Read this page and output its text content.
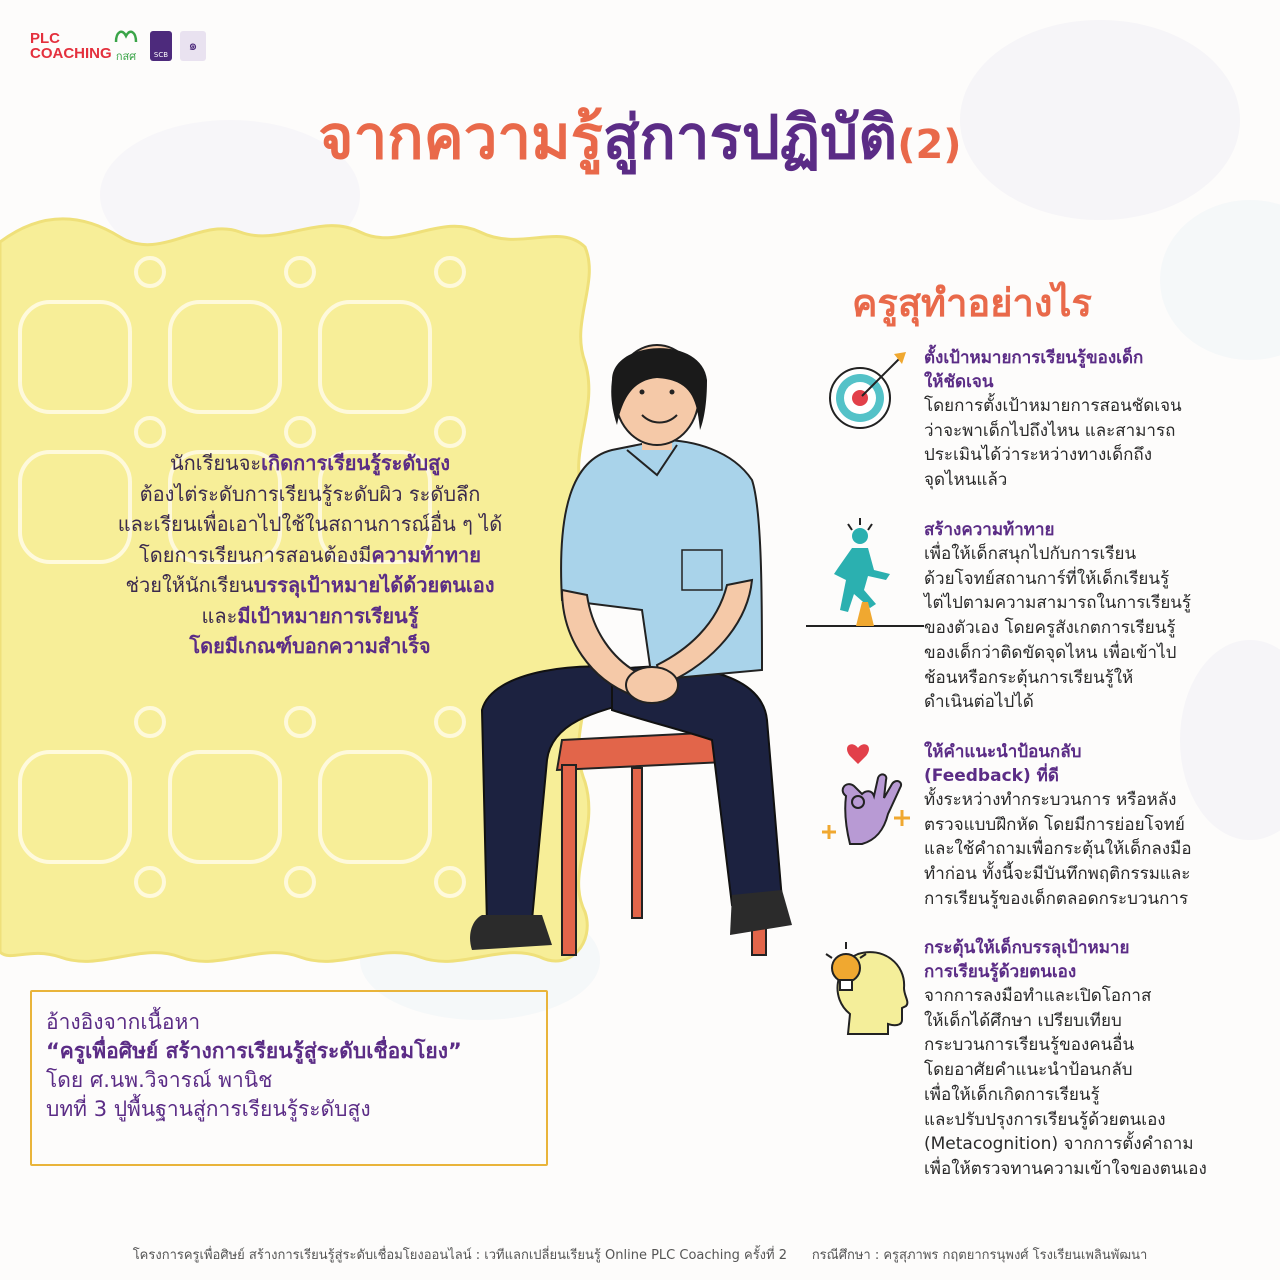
PLC
COACHING กสศ	SCB
๑
จากความรู้สู่การปฏิบัติ(2)
นักเรียนจะเกิดการเรียนรู้ระดับสูง
ต้องไต่ระดับการเรียนรู้ระดับผิว ระดับลึก
และเรียนเพื่อเอาไปใช้ในสถานการณ์อื่น ๆ ได้
โดยการเรียนการสอนต้องมีความท้าทาย
ช่วยให้นักเรียนบรรลุเป้าหมายได้ด้วยตนเอง
และมีเป้าหมายการเรียนรู้
โดยมีเกณฑ์บอกความสำเร็จ
อ้างอิงจากเนื้อหา
“ครูเพื่อศิษย์ สร้างการเรียนรู้สู่ระดับเชื่อมโยง”
โดย ศ.นพ.วิจารณ์ พานิช
บทที่ 3 ปูพื้นฐานสู่การเรียนรู้ระดับสูง
ครูสุทำอย่างไร
ตั้งเป้าหมายการเรียนรู้ของเด็ก
ให้ชัดเจน
โดยการตั้งเป้าหมายการสอนชัดเจน
ว่าจะพาเด็กไปถึงไหน และสามารถ
ประเมินได้ว่าระหว่างทางเด็กถึง
จุดไหนแล้ว
สร้างความท้าทาย
เพื่อให้เด็กสนุกไปกับการเรียน
ด้วยโจทย์สถานการ์ที่ให้เด็กเรียนรู้
ไต่ไปตามความสามารถในการเรียนรู้
ของตัวเอง โดยครูสังเกตการเรียนรู้
ของเด็กว่าติดขัดจุดไหน เพื่อเข้าไป
ช้อนหรือกระตุ้นการเรียนรู้ให้
ดำเนินต่อไปได้
ให้คำแนะนำป้อนกลับ
(Feedback) ที่ดี
ทั้งระหว่างทำกระบวนการ หรือหลัง
ตรวจแบบฝึกหัด โดยมีการย่อยโจทย์
และใช้คำถามเพื่อกระตุ้นให้เด็กลงมือ
ทำก่อน ทั้งนี้จะมีบันทึกพฤติกรรมและ
การเรียนรู้ของเด็กตลอดกระบวนการ
กระตุ้นให้เด็กบรรลุเป้าหมาย
การเรียนรู้ด้วยตนเอง
จากการลงมือทำและเปิดโอกาส
ให้เด็กได้ศึกษา เปรียบเทียบ
กระบวนการเรียนรู้ของคนอื่น
โดยอาศัยคำแนะนำป้อนกลับ
เพื่อให้เด็กเกิดการเรียนรู้
และปรับปรุงการเรียนรู้ด้วยตนเอง
(Metacognition) จากการตั้งคำถาม
เพื่อให้ตรวจทานความเข้าใจของตนเอง
โครงการครูเพื่อศิษย์ สร้างการเรียนรู้สู่ระดับเชื่อมโยงออนไลน์ : เวทีแลกเปลี่ยนเรียนรู้ Online PLC Coaching ครั้งที่ 2 กรณีศึกษา : ครูสุภาพร กฤตยากรนุพงศ์ โรงเรียนเพลินพัฒนา
